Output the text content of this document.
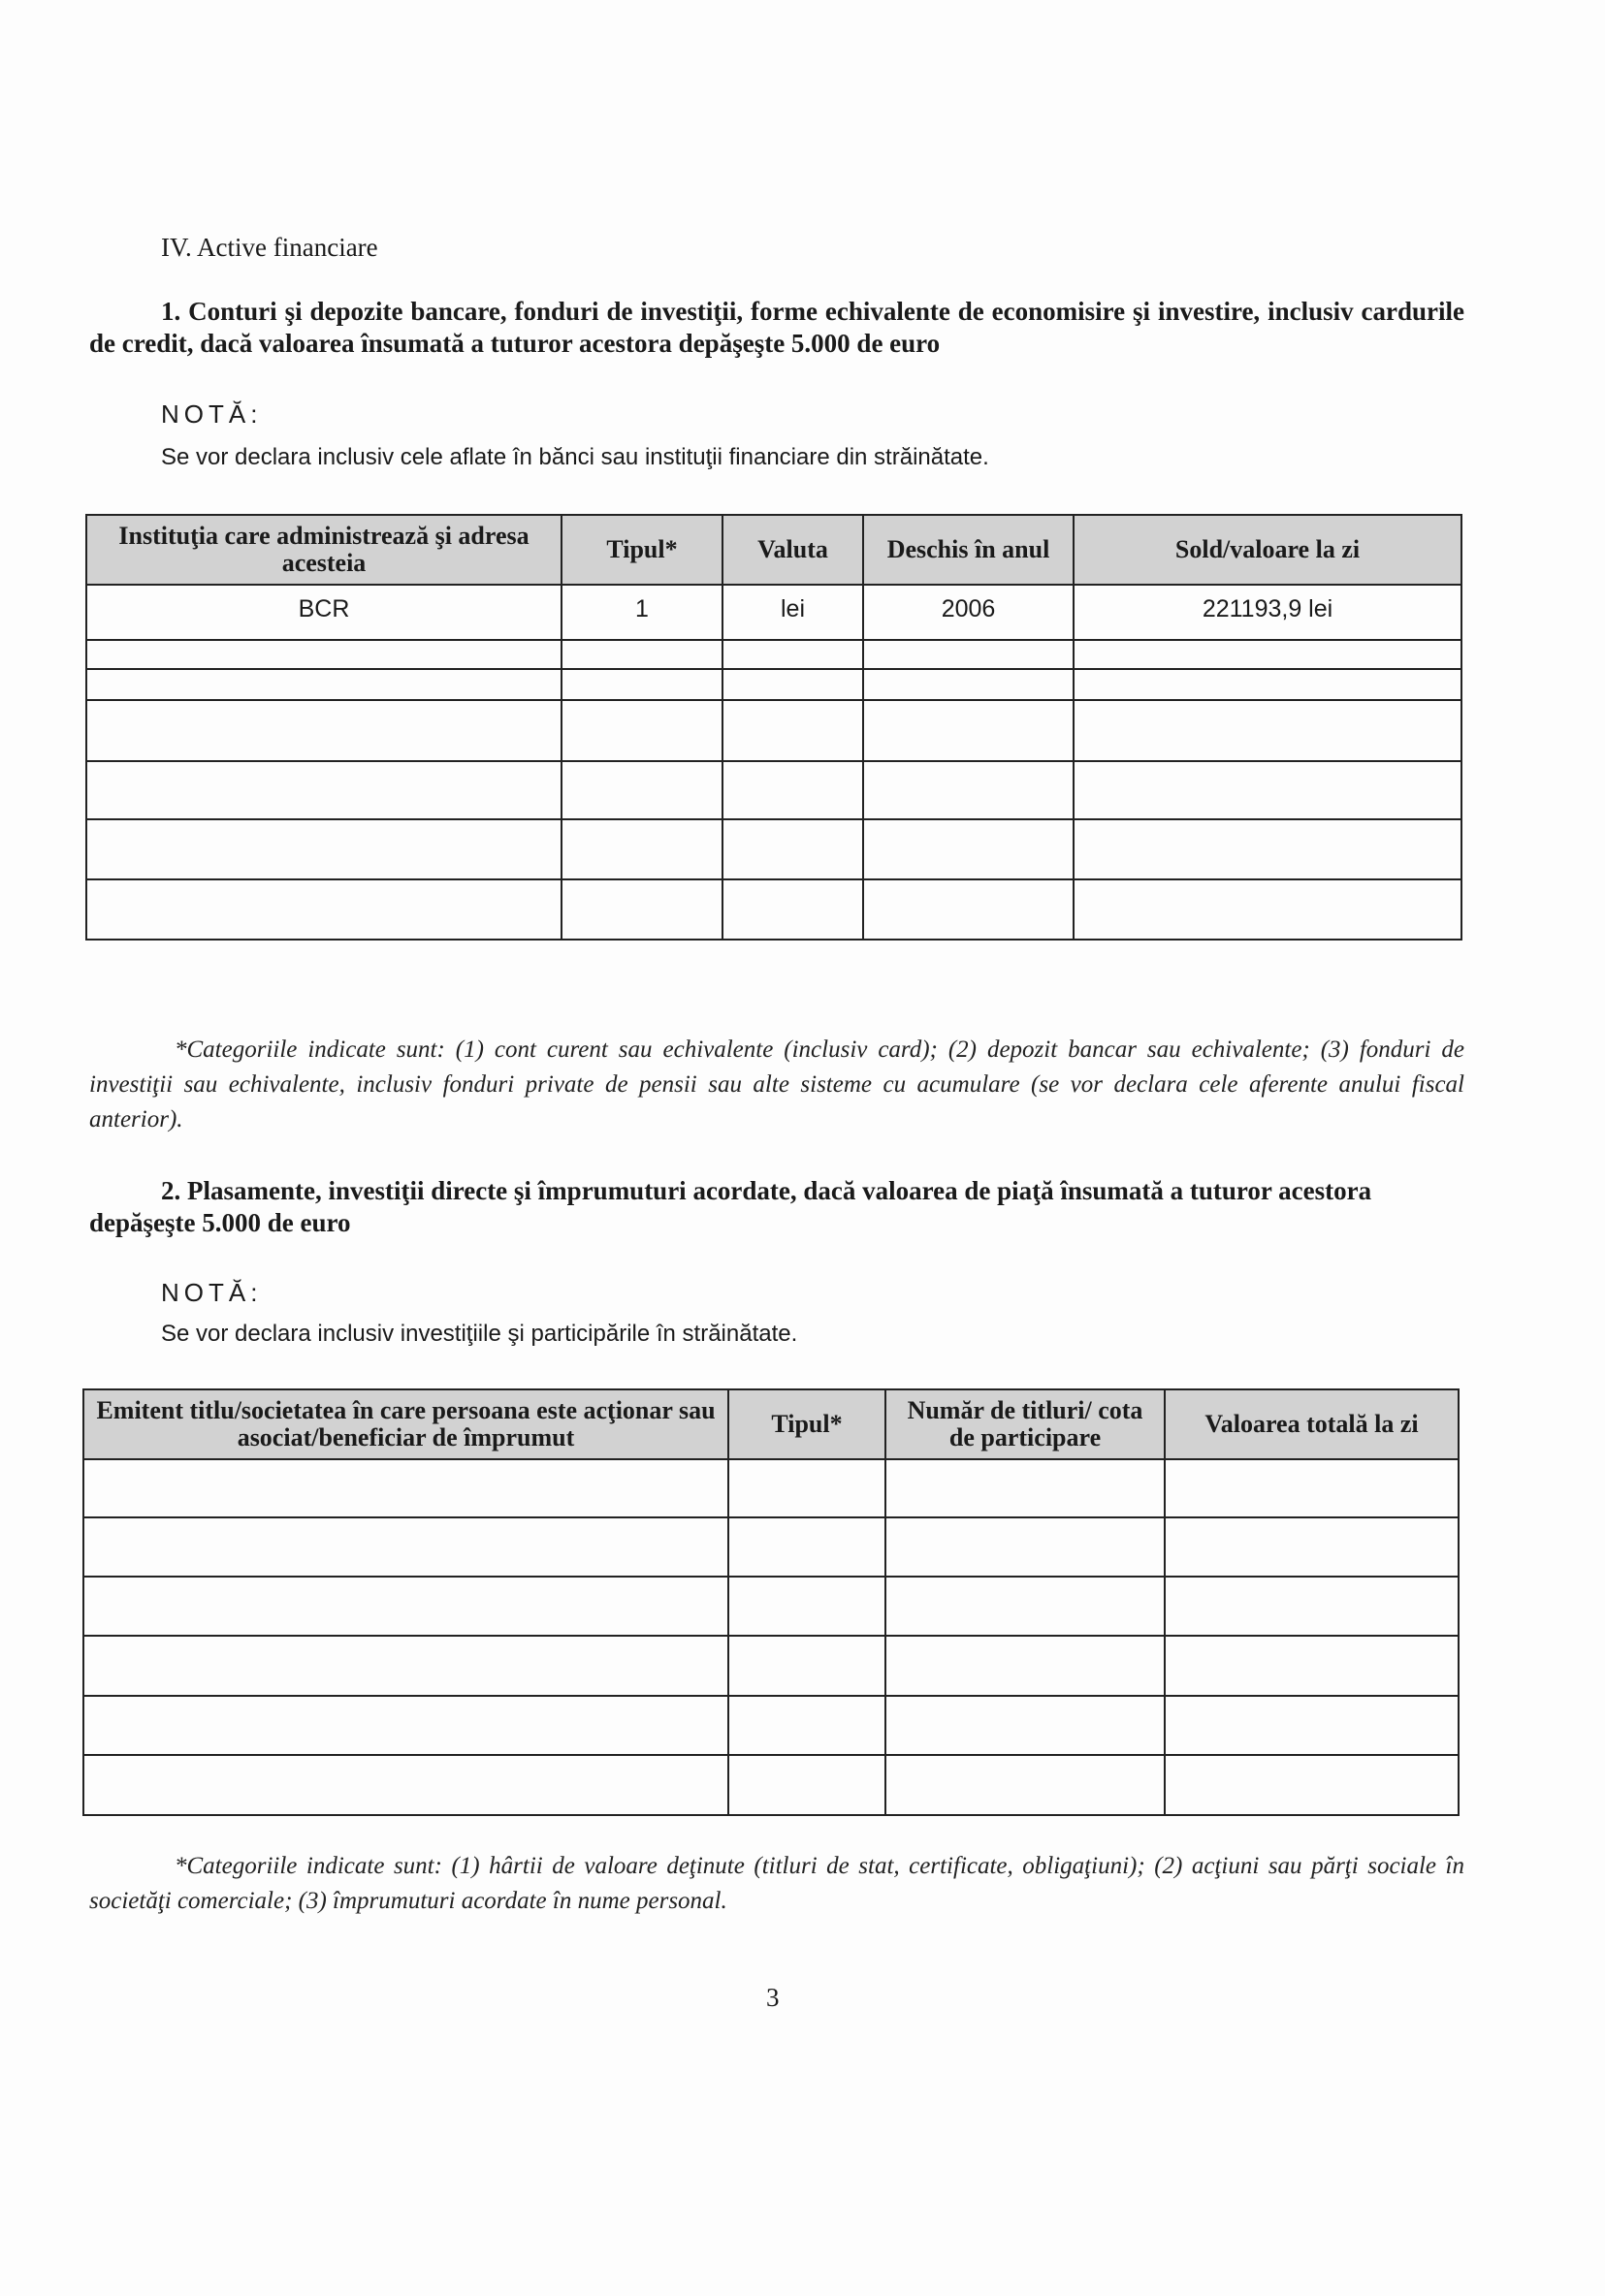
IV. Active financiare
1. Conturi şi depozite bancare, fonduri de investiţii, forme echivalente de economisire şi investire, inclusiv cardurile de credit, dacă valoarea însumată a tuturor acestora depăşeşte 5.000 de euro
NOTĂ:
Se vor declara inclusiv cele aflate în bănci sau instituţii financiare din străinătate.
Instituţia care administrează şi adresa acesteia	Tipul*	Valuta	Deschis în anul	Sold/valoare la zi
BCR	1	lei	2006	221193,9 lei

*Categoriile indicate sunt: (1) cont curent sau echivalente (inclusiv card); (2) depozit bancar sau echivalente; (3) fonduri de investiţii sau echivalente, inclusiv fonduri private de pensii sau alte sisteme cu acumulare (se vor declara cele aferente anului fiscal anterior).
2. Plasamente, investiţii directe şi împrumuturi acordate, dacă valoarea de piaţă însumată a tuturor acestora depăşeşte 5.000 de euro
NOTĂ:
Se vor declara inclusiv investiţiile şi participările în străinătate.
Emitent titlu/societatea în care persoana este acţionar sau asociat/beneficiar de împrumut	Tipul*	Număr de titluri/ cota de participare	Valoarea totală la zi

*Categoriile indicate sunt: (1) hârtii de valoare deţinute (titluri de stat, certificate, obligaţiuni); (2) acţiuni sau părţi sociale în societăţi comerciale; (3) împrumuturi acordate în nume personal.
3
